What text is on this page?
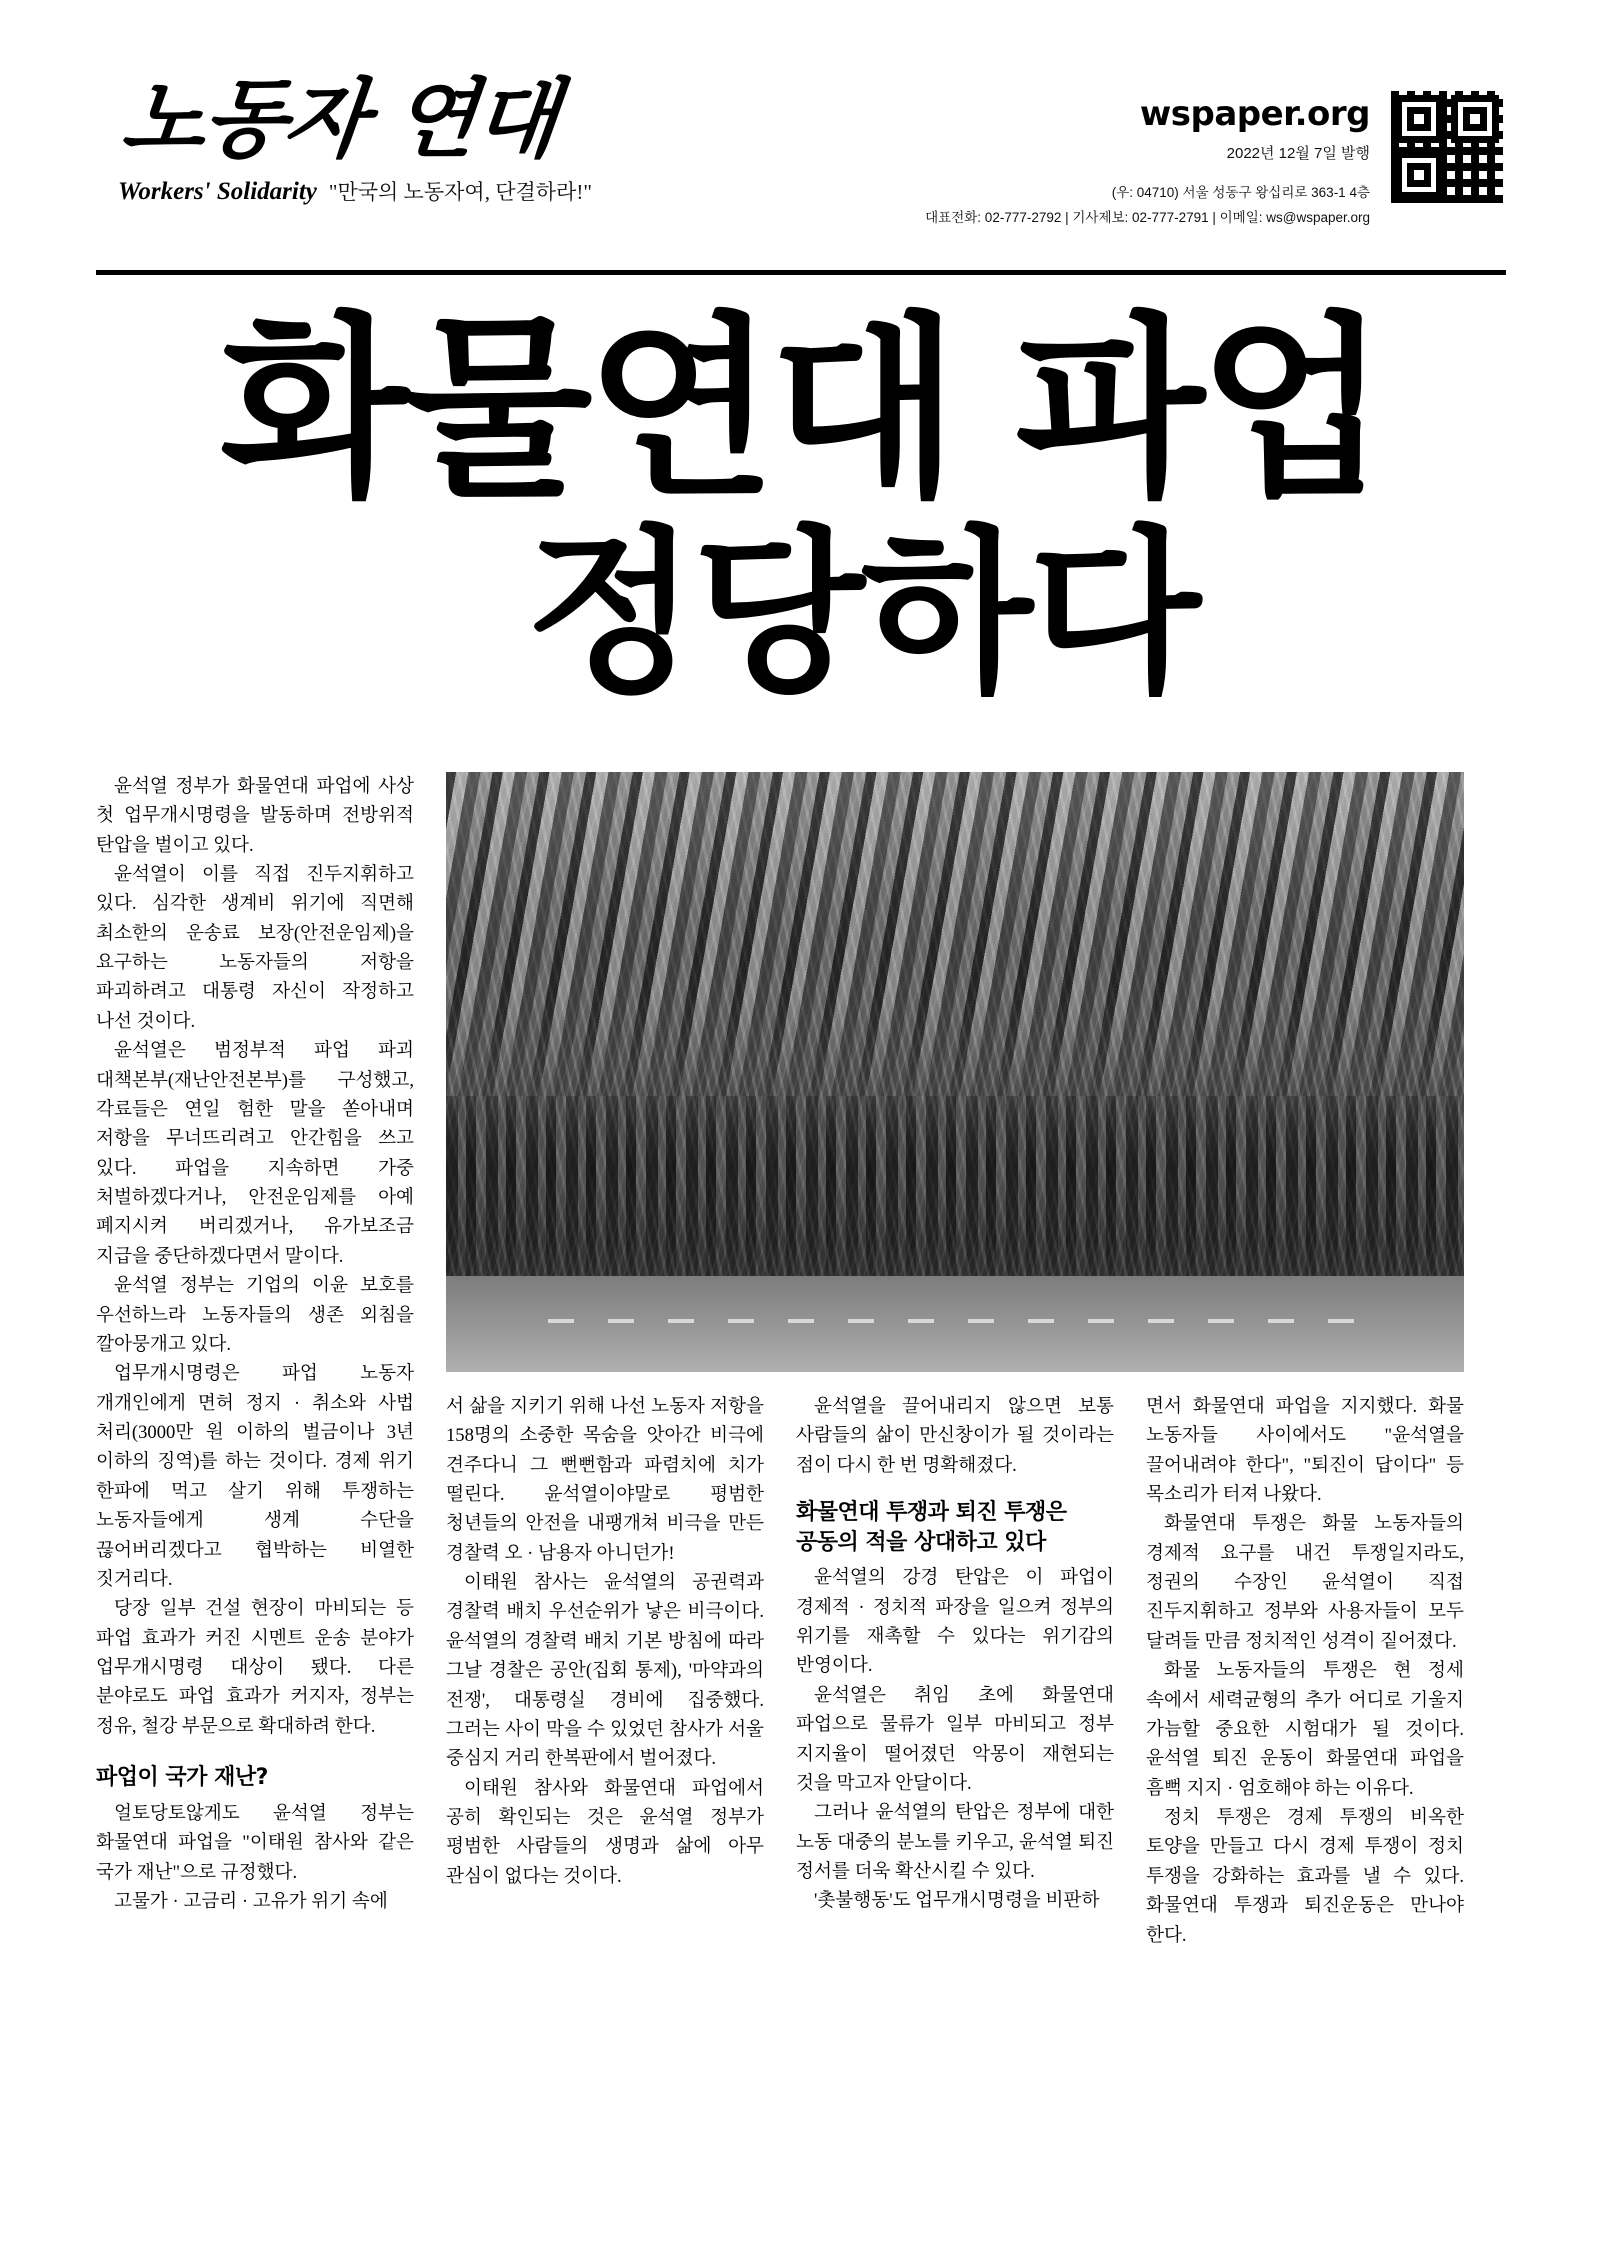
노동자 연대
Workers' Solidarity "만국의 노동자여, 단결하라!"
wspaper.org
2022년 12월 7일 발행
(우: 04710) 서울 성동구 왕십리로 363-1 4층
대표전화: 02-777-2792 | 기사제보: 02-777-2791 | 이메일: ws@wspaper.org
화물연대 파업
정당하다

윤석열 정부가 화물연대 파업에 사상 첫 업무개시명령을 발동하며 전방위적 탄압을 벌이고 있다.

윤석열이 이를 직접 진두지휘하고 있다. 심각한 생계비 위기에 직면해 최소한의 운송료 보장(안전운임제)을 요구하는 노동자들의 저항을 파괴하려고 대통령 자신이 작정하고 나선 것이다.

윤석열은 범정부적 파업 파괴 대책본부(재난안전본부)를 구성했고, 각료들은 연일 험한 말을 쏟아내며 저항을 무너뜨리려고 안간힘을 쓰고 있다. 파업을 지속하면 가중 처벌하겠다거나, 안전운임제를 아예 폐지시켜 버리겠거나, 유가보조금 지급을 중단하겠다면서 말이다.

윤석열 정부는 기업의 이윤 보호를 우선하느라 노동자들의 생존 외침을 깔아뭉개고 있다.

업무개시명령은 파업 노동자 개개인에게 면허 정지 · 취소와 사법 처리(3000만 원 이하의 벌금이나 3년 이하의 징역)를 하는 것이다. 경제 위기 한파에 먹고 살기 위해 투쟁하는 노동자들에게 생계 수단을 끊어버리겠다고 협박하는 비열한 짓거리다.

당장 일부 건설 현장이 마비되는 등 파업 효과가 커진 시멘트 운송 분야가 업무개시명령 대상이 됐다. 다른 분야로도 파업 효과가 커지자, 정부는 정유, 철강 부문으로 확대하려 한다.

파업이 국가 재난?

얼토당토않게도 윤석열 정부는 화물연대 파업을 "이태원 참사와 같은 국가 재난"으로 규정했다.

고물가 · 고금리 · 고유가 위기 속에

서 삶을 지키기 위해 나선 노동자 저항을 158명의 소중한 목숨을 앗아간 비극에 견주다니 그 뻔뻔함과 파렴치에 치가 떨린다. 윤석열이야말로 평범한 청년들의 안전을 내팽개쳐 비극을 만든 경찰력 오 · 남용자 아니던가!

이태원 참사는 윤석열의 공권력과 경찰력 배치 우선순위가 낳은 비극이다. 윤석열의 경찰력 배치 기본 방침에 따라 그날 경찰은 공안(집회 통제), '마약과의 전쟁', 대통령실 경비에 집중했다. 그러는 사이 막을 수 있었던 참사가 서울 중심지 거리 한복판에서 벌어졌다.

이태원 참사와 화물연대 파업에서 공히 확인되는 것은 윤석열 정부가 평범한 사람들의 생명과 삶에 아무 관심이 없다는 것이다.

윤석열을 끌어내리지 않으면 보통 사람들의 삶이 만신창이가 될 것이라는 점이 다시 한 번 명확해졌다.

화물연대 투쟁과 퇴진 투쟁은 공동의 적을 상대하고 있다

윤석열의 강경 탄압은 이 파업이 경제적 · 정치적 파장을 일으켜 정부의 위기를 재촉할 수 있다는 위기감의 반영이다.

윤석열은 취임 초에 화물연대 파업으로 물류가 일부 마비되고 정부 지지율이 떨어졌던 악몽이 재현되는 것을 막고자 안달이다.

그러나 윤석열의 탄압은 정부에 대한 노동 대중의 분노를 키우고, 윤석열 퇴진 정서를 더욱 확산시킬 수 있다.

'촛불행동'도 업무개시명령을 비판하

면서 화물연대 파업을 지지했다. 화물 노동자들 사이에서도 "윤석열을 끌어내려야 한다", "퇴진이 답이다" 등 목소리가 터져 나왔다.

화물연대 투쟁은 화물 노동자들의 경제적 요구를 내건 투쟁일지라도, 정권의 수장인 윤석열이 직접 진두지휘하고 정부와 사용자들이 모두 달려들 만큼 정치적인 성격이 짙어졌다.

화물 노동자들의 투쟁은 현 정세 속에서 세력균형의 추가 어디로 기울지 가늠할 중요한 시험대가 될 것이다. 윤석열 퇴진 운동이 화물연대 파업을 흠뻑 지지 · 엄호해야 하는 이유다.

정치 투쟁은 경제 투쟁의 비옥한 토양을 만들고 다시 경제 투쟁이 정치 투쟁을 강화하는 효과를 낼 수 있다. 화물연대 투쟁과 퇴진운동은 만나야 한다.
